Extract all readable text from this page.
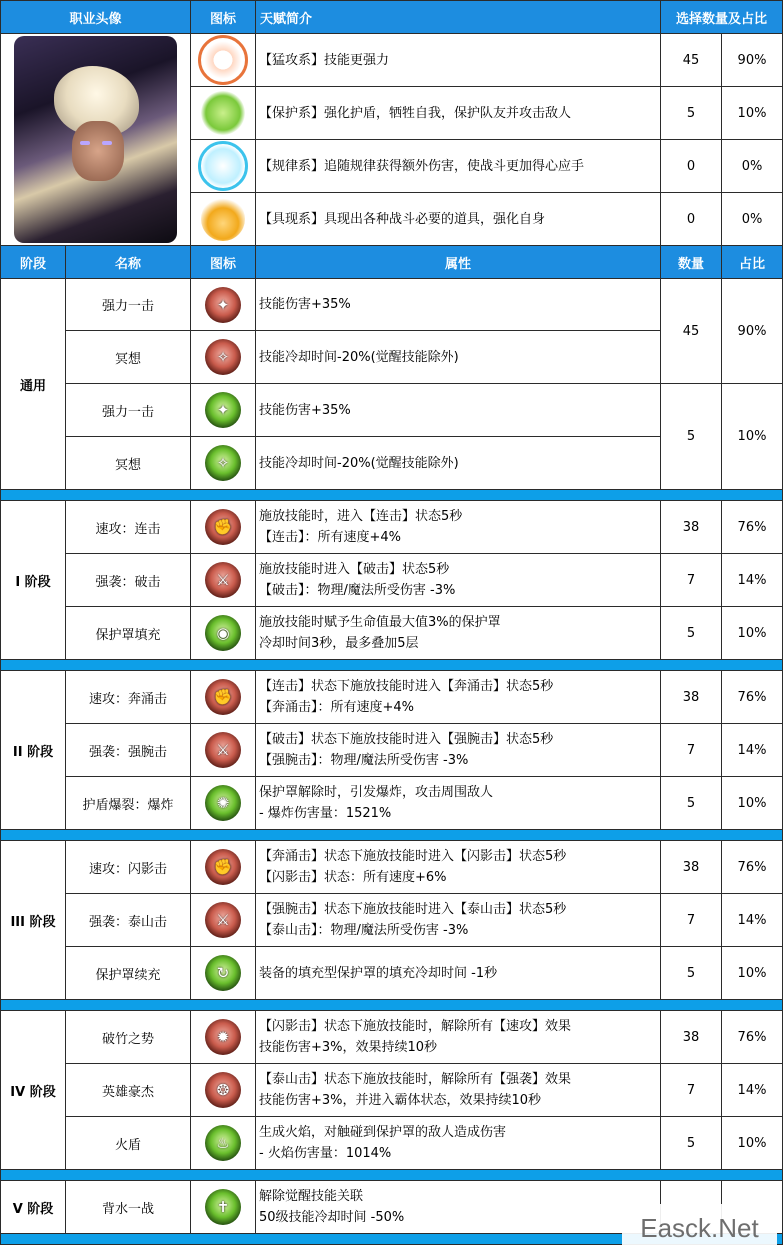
职业头像	图标	天赋简介	选择数量及占比	

		【猛攻系】技能更强力	45	90%
		【保护系】强化护盾，牺牲自我，保护队友并攻击敌人	5	10%
		【规律系】追随规律获得额外伤害，使战斗更加得心应手	0	0%
		【具现系】具现出各种战斗必要的道具，强化自身	0	0%
阶段	名称	图标	属性	数量	占比
通用	强力一击	✦	技能伤害+35%	45	90%
	冥想	✧	技能冷却时间-20%(觉醒技能除外)		
	强力一击	✦	技能伤害+35%	5	10%
	冥想	✧	技能冷却时间-20%(觉醒技能除外)		

I 阶段	速攻：连击	✊	施放技能时，进入【连击】状态5秒
【连击】：所有速度+4%	38	76%
	强袭：破击	⚔	施放技能时进入【破击】状态5秒
【破击】：物理/魔法所受伤害 -3%	7	14%
	保护罩填充	◉	施放技能时赋予生命值最大值3%的保护罩
冷却时间3秒，最多叠加5层	5	10%

II 阶段	速攻：奔涌击	✊	【连击】状态下施放技能时进入【奔涌击】状态5秒
【奔涌击】：所有速度+4%	38	76%
	强袭：强腕击	⚔	【破击】状态下施放技能时进入【强腕击】状态5秒
【强腕击】：物理/魔法所受伤害 -3%	7	14%
	护盾爆裂：爆炸	✺	保护罩解除时，引发爆炸，攻击周围敌人
- 爆炸伤害量：1521%	5	10%

III 阶段	速攻：闪影击	✊	【奔涌击】状态下施放技能时进入【闪影击】状态5秒
【闪影击】状态：所有速度+6%	38	76%
	强袭：泰山击	⚔	【强腕击】状态下施放技能时进入【泰山击】状态5秒
【泰山击】：物理/魔法所受伤害 -3%	7	14%
	保护罩续充	↻	装备的填充型保护罩的填充冷却时间 -1秒	5	10%

IV 阶段	破竹之势	✹	【闪影击】状态下施放技能时，解除所有【速攻】效果
技能伤害+3%，效果持续10秒	38	76%
	英雄豪杰	❂	【泰山击】状态下施放技能时，解除所有【强袭】效果
技能伤害+3%，并进入霸体状态，效果持续10秒	7	14%
	火盾	♨	生成火焰，对触碰到保护罩的敌人造成伤害
- 火焰伤害量：1014%	5	10%

V 阶段	背水一战	✝	解除觉醒技能关联
50级技能冷却时间 -50%		
			Easck.Net
